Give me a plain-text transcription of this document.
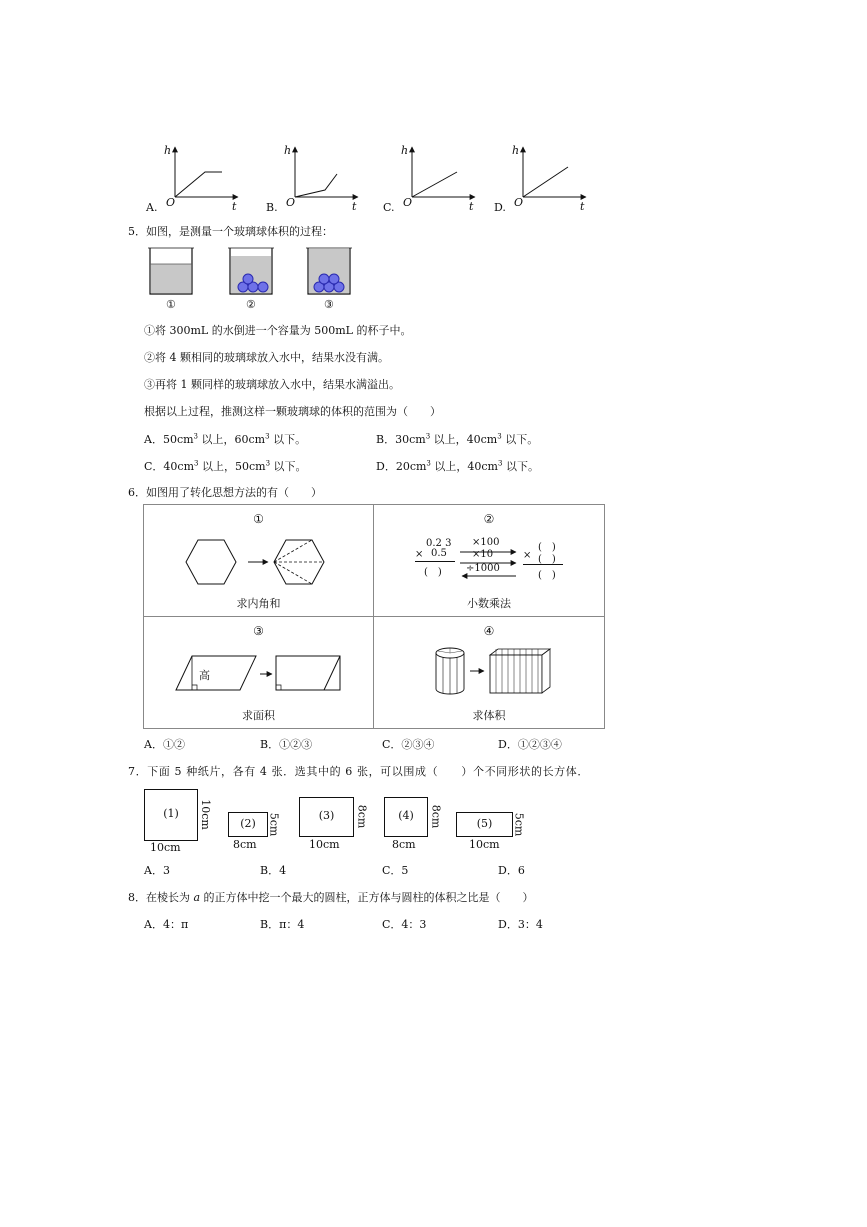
h
O	t
A.
h
O	t
B.
h
O	t
C.
h
O	t
D.
5．如图，是测量一个玻璃球体积的过程：
①	②	③
①将 300mL 的水倒进一个容量为 500mL 的杯子中。
②将 4 颗相同的玻璃球放入水中，结果水没有满。
③再将 1 颗同样的玻璃球放入水中，结果水满溢出。
根据以上过程，推测这样一颗玻璃球的体积的范围为（　　）
A．$50cm^3$ 以上，$60cm^3$ 以下。	B．$30cm^3$ 以上，$40cm^3$ 以下。
C．$40cm^3$ 以上，$50cm^3$ 以下。	D．$20cm^3$ 以上，$40cm^3$ 以下。
6．如图用了转化思想方法的有（　　）
①
求内角和
②
0.2 3
× 0.5
(　)
×100
×10
÷1000
(　)
× (　)
(　)
小数乘法
③
高
求面积
④
求体积
A．①②	B．①②③	C．②③④	D．①②③④
7．下面 5 种纸片，各有 4 张．选其中的 6 张，可以围成（　　）个不同形状的长方体．
(1)
10cm
10cm	(2)
8cm
5cm	(3)
10cm
8cm	(4)
8cm
8cm	(5)
10cm
5cm
A．3	B．4	C．5	D．6
8．在棱长为 a 的正方体中挖一个最大的圆柱，正方体与圆柱的体积之比是（　　）
A．4：π	B．π：4	C．4：3	D．3：4
